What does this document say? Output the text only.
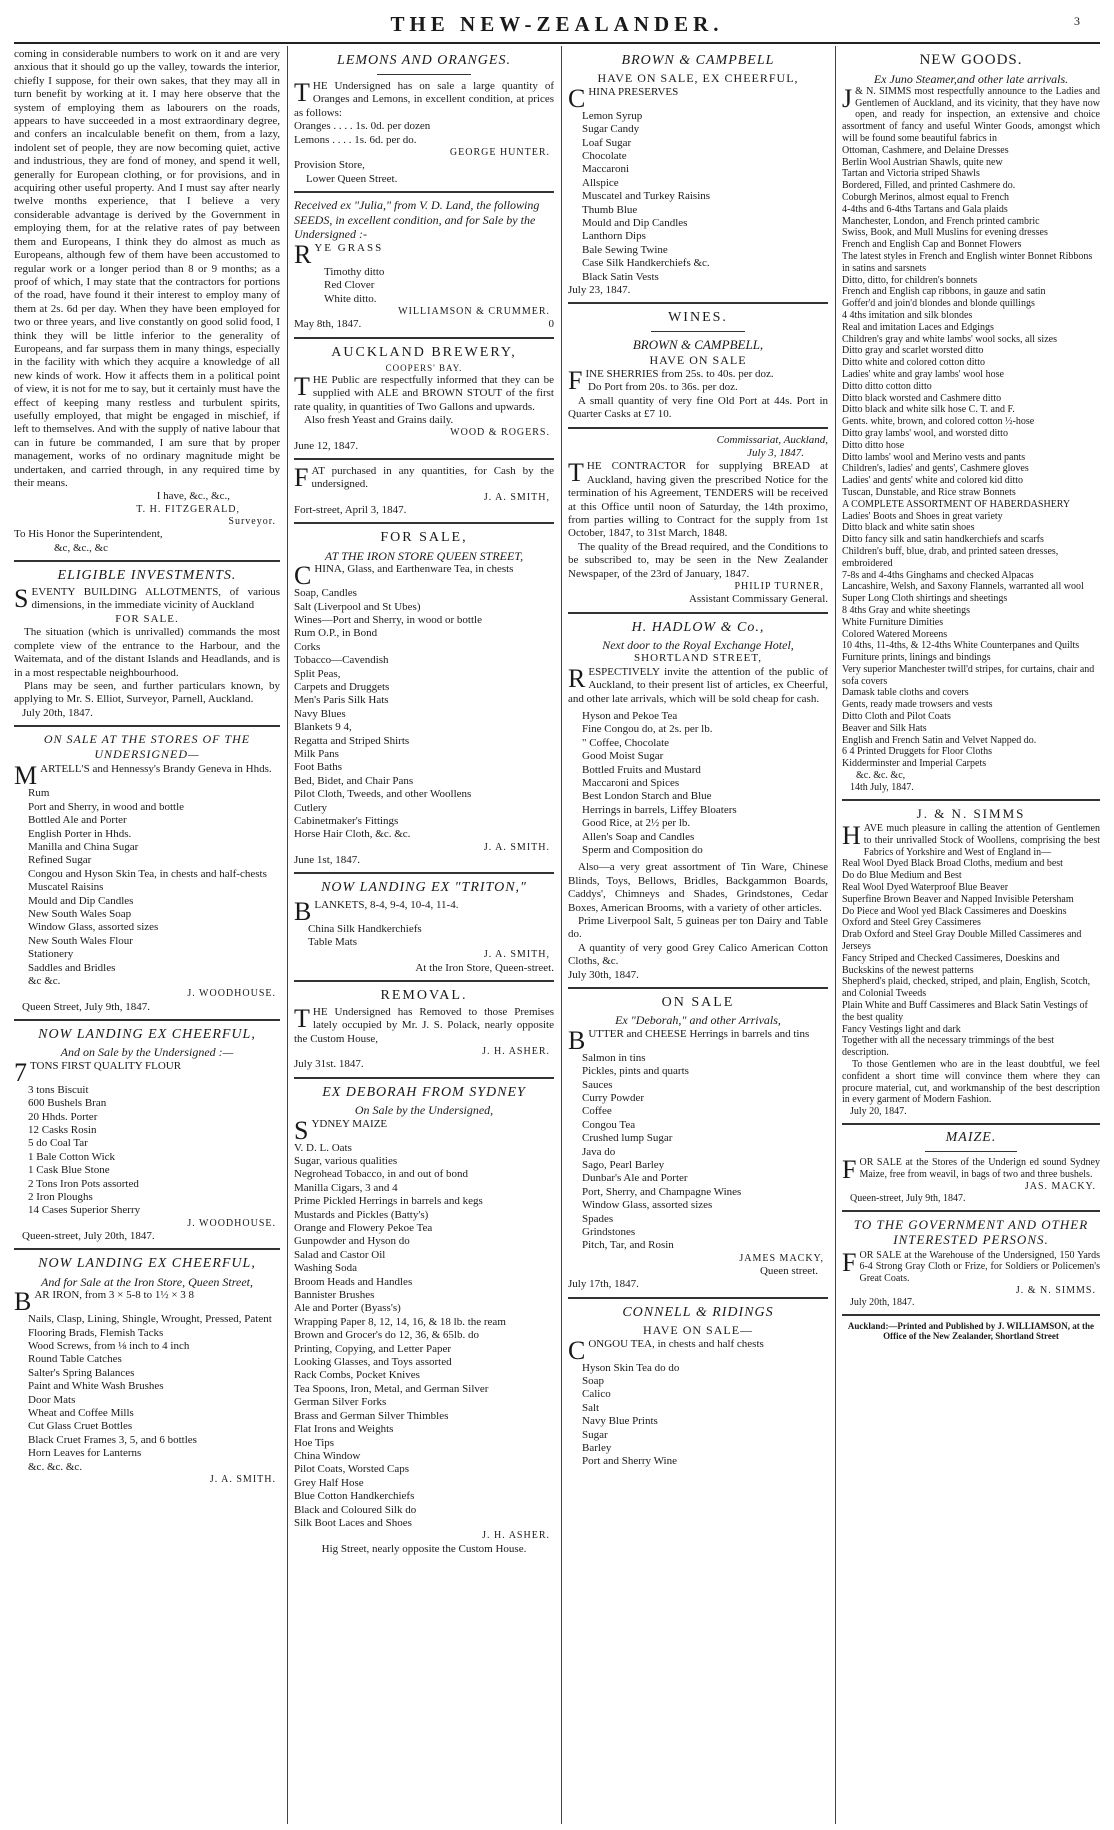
THE NEW-ZEALANDER.	3
coming in considerable numbers to work on it and are very anxious that it should go up the valley, towards the interior, chiefly I suppose, for their own sakes, that they may all in turn benefit by working at it. I may here observe that the system of employing them as labourers on the roads, appears to have succeeded in a most extraordinary degree, and confers an incalculable benefit on them, from a lazy, indolent set of people, they are now becoming quiet, active and industrious, they are fond of money, and spend it well, generally for European clothing, or for provisions, and in acquiring other useful property. And I must say after nearly twelve months experience, that I believe a very considerable advantage is derived by the Government in employing them, for at the relative rates of pay between them and Europeans, I think they do almost as much as Europeans, although few of them have been accustomed to regular work or a longer period than 8 or 9 months; as a proof of which, I may state that the contractors for portions of the road, have found it their interest to employ many of them at 2s. 6d per day. When they have been employed for two or three years, and live constantly on good solid food, I think they will be little inferior to the generality of Europeans, and far surpass them in many things, especially in the facility with which they acquire a knowledge of all new kinds of work. How it affects them in a political point of view, it is not for me to say, but it certainly must have the effect of keeping many restless and turbulent spirits, usefully employed, that might be engaged in mischief, if left to themselves. And with the supply of native labour that can in future be commanded, I am sure that by proper management, works of no ordinary magnitude might be undertaken, and carried through, in any required time by their means.
I have, &c., &c.,
T. H. FITZGERALD,
Surveyor.
To His Honor the Superintendent,
&c, &c., &c
ELIGIBLE INVESTMENTS.
SEVENTY BUILDING ALLOTMENTS, of various dimensions, in the immediate vicinity of Auckland
FOR SALE.
The situation (which is unrivalled) commands the most complete view of the entrance to the Harbour, and the Waitemata, and of the distant Islands and Headlands, and is in a most respectable neighbourhood.
Plans may be seen, and further particulars known, by applying to Mr. S. Elliot, Surveyor, Parnell, Auckland.
July 20th, 1847.
ON SALE AT THE STORES OF THE UNDERSIGNED—
MARTELL'S and Hennessy's Brandy Geneva in Hhds.
Rum
Port and Sherry, in wood and bottle
Bottled Ale and Porter
English Porter in Hhds.
Manilla and China Sugar
Refined Sugar
Congou and Hyson Skin Tea, in chests and half-chests
Muscatel Raisins
Mould and Dip Candles
New South Wales Soap
Window Glass, assorted sizes
New South Wales Flour
Stationery
Saddles and Bridles
&c &c.
J. WOODHOUSE.
Queen Street, July 9th, 1847.
NOW LANDING EX CHEERFUL,
And on Sale by the Undersigned :—
7 TONS FIRST QUALITY FLOUR
3 tons Biscuit
600 Bushels Bran
20 Hhds. Porter
12 Casks Rosin
5 do Coal Tar
1 Bale Cotton Wick
1 Cask Blue Stone
2 Tons Iron Pots assorted
2 Iron Ploughs
14 Cases Superior Sherry
J. WOODHOUSE.
Queen-street, July 20th, 1847.
NOW LANDING EX CHEERFUL,
And for Sale at the Iron Store, Queen Street,
BAR IRON, from 3 × 5-8 to 1½ × 3 8
Nails, Clasp, Lining, Shingle, Wrought, Pressed, Patent
Flooring Brads, Flemish Tacks
Wood Screws, from ⅛ inch to 4 inch
Round Table Catches
Salter's Spring Balances
Paint and White Wash Brushes
Door Mats
Wheat and Coffee Mills
Cut Glass Cruet Bottles
Black Cruet Frames 3, 5, and 6 bottles
Horn Leaves for Lanterns
&c. &c. &c.
J. A. SMITH.
LEMONS AND ORANGES.
THE Undersigned has on sale a large quantity of Oranges and Lemons, in excellent condition, at prices as follows:
Oranges . . . . 1s. 0d. per dozen
Lemons . . . . 1s. 6d. per do.
GEORGE HUNTER.
Provision Store,
Lower Queen Street.
Received ex "Julia," from V. D. Land, the following SEEDS, in excellent condition, and for Sale by the Undersigned :-
RYE GRASS
Timothy ditto
Red Clover
White ditto.
WILLIAMSON & CRUMMER.
May 8th, 1847.	0
AUCKLAND BREWERY,
COOPERS' BAY.
THE Public are respectfully informed that they can be supplied with ALE and BROWN STOUT of the first rate quality, in quantities of Two Gallons and upwards.
Also fresh Yeast and Grains daily.
WOOD & ROGERS.
June 12, 1847.
FAT purchased in any quantities, for Cash by the undersigned.
J. A. SMITH,
Fort-street, April 3, 1847.
FOR SALE,
AT THE IRON STORE QUEEN STREET,
CHINA, Glass, and Earthenware Tea, in chests
Soap, Candles
Salt (Liverpool and St Ubes)
Wines—Port and Sherry, in wood or bottle
Rum O.P., in Bond
Corks
Tobacco—Cavendish
Split Peas,
Carpets and Druggets
Men's Paris Silk Hats
Navy Blues
Blankets 9 4,
Regatta and Striped Shirts
Milk Pans
Foot Baths
Bed, Bidet, and Chair Pans
Pilot Cloth, Tweeds, and other Woollens
Cutlery
Cabinetmaker's Fittings
Horse Hair Cloth, &c. &c.
J. A. SMITH.
June 1st, 1847.
NOW LANDING EX "TRITON,"
BLANKETS, 8-4, 9-4, 10-4, 11-4.
China Silk Handkerchiefs
Table Mats
J. A. SMITH,
At the Iron Store, Queen-street.
REMOVAL.
THE Undersigned has Removed to those Premises lately occupied by Mr. J. S. Polack, nearly opposite the Custom House,
J. H. ASHER.
July 31st. 1847.
EX DEBORAH FROM SYDNEY
On Sale by the Undersigned,
SYDNEY MAIZE
V. D. L. Oats
Sugar, various qualities
Negrohead Tobacco, in and out of bond
Manilla Cigars, 3 and 4
Prime Pickled Herrings in barrels and kegs
Mustards and Pickles (Batty's)
Orange and Flowery Pekoe Tea
Gunpowder and Hyson do
Salad and Castor Oil
Washing Soda
Broom Heads and Handles
Bannister Brushes
Ale and Porter (Byass's)
Wrapping Paper 8, 12, 14, 16, & 18 lb. the ream
Brown and Grocer's do 12, 36, & 65lb. do
Printing, Copying, and Letter Paper
Looking Glasses, and Toys assorted
Rack Combs, Pocket Knives
Tea Spoons, Iron, Metal, and German Silver
German Silver Forks
Brass and German Silver Thimbles
Flat Irons and Weights
Hoe Tips
China Window
Pilot Coats, Worsted Caps
Grey Half Hose
Blue Cotton Handkerchiefs
Black and Coloured Silk do
Silk Boot Laces and Shoes
J. H. ASHER.
Hig Street, nearly opposite the Custom House.
BROWN & CAMPBELL
HAVE ON SALE, EX CHEERFUL,
CHINA PRESERVES
Lemon Syrup
Sugar Candy
Loaf Sugar
Chocolate
Maccaroni
Allspice
Muscatel and Turkey Raisins
Thumb Blue
Mould and Dip Candles
Lanthorn Dips
Bale Sewing Twine
Case Silk Handkerchiefs &c.
Black Satin Vests
July 23, 1847.
WINES.
BROWN & CAMPBELL,
HAVE ON SALE
FINE SHERRIES from 25s. to 40s. per doz.
Do Port from 20s. to 36s. per doz.
A small quantity of very fine Old Port at 44s. Port in Quarter Casks at £7 10.
Commissariat, Auckland,
July 3, 1847.
THE CONTRACTOR for supplying BREAD at Auckland, having given the prescribed Notice for the termination of his Agreement, TENDERS will be received at this Office until noon of Saturday, the 14th proximo, from parties willing to Contract for the supply from 1st October, 1847, to 31st March, 1848.
The quality of the Bread required, and the Conditions to be subscribed to, may be seen in the New Zealander Newspaper, of the 23rd of January, 1847.
PHILIP TURNER,
Assistant Commissary General.
H. HADLOW & Co.,
Next door to the Royal Exchange Hotel,
SHORTLAND STREET,
RESPECTIVELY invite the attention of the public of Auckland, to their present list of articles, ex Cheerful, and other late arrivals, which will be sold cheap for cash.
Hyson and Pekoe Tea
Fine Congou do, at 2s. per lb.
" Coffee, Chocolate
Good Moist Sugar
Bottled Fruits and Mustard
Maccaroni and Spices
Best London Starch and Blue
Herrings in barrels, Liffey Bloaters
Good Rice, at 2½ per lb.
Allen's Soap and Candles
Sperm and Composition do
Also—a very great assortment of Tin Ware, Chinese Blinds, Toys, Bellows, Bridles, Backgammon Boards, Caddys', Chimneys and Shades, Grindstones, Cedar Boxes, American Brooms, with a variety of other articles.
Prime Liverpool Salt, 5 guineas per ton Dairy and Table do.
A quantity of very good Grey Calico American Cotton Cloths, &c.
July 30th, 1847.
ON SALE
Ex "Deborah," and other Arrivals,
BUTTER and CHEESE Herrings in barrels and tins
Salmon in tins
Pickles, pints and quarts
Sauces
Curry Powder
Coffee
Congou Tea
Crushed lump Sugar
Java do
Sago, Pearl Barley
Dunbar's Ale and Porter
Port, Sherry, and Champagne Wines
Window Glass, assorted sizes
Spades
Grindstones
Pitch, Tar, and Rosin
JAMES MACKY,
Queen street.
July 17th, 1847.
CONNELL & RIDINGS
HAVE ON SALE—
CONGOU TEA, in chests and half chests
Hyson Skin Tea do do
Soap
Calico
Salt
Navy Blue Prints
Sugar
Barley
Port and Sherry Wine
NEW GOODS.
Ex Juno Steamer,and other late arrivals.
J & N. SIMMS most respectfully announce to the Ladies and Gentlemen of Auckland, and its vicinity, that they have now open, and ready for inspection, an extensive and choice assortment of fancy and useful Winter Goods, amongst which will be found some beautiful fabrics in
Ottoman, Cashmere, and Delaine Dresses
Berlin Wool Austrian Shawls, quite new
Tartan and Victoria striped Shawls
Bordered, Filled, and printed Cashmere do.
Coburgh Merinos, almost equal to French
4-4ths and 6-4ths Tartans and Gala plaids
Manchester, London, and French printed cambric
Swiss, Book, and Mull Muslins for evening dresses
French and English Cap and Bonnet Flowers
The latest styles in French and English winter Bonnet Ribbons in satins and sarsnets
Ditto, ditto, for children's bonnets
French and English cap ribbons, in gauze and satin
Goffer'd and join'd blondes and blonde quillings
4 4ths imitation and silk blondes
Real and imitation Laces and Edgings
Children's gray and white lambs' wool socks, all sizes
Ditto gray and scarlet worsted ditto
Ditto white and colored cotton ditto
Ladies' white and gray lambs' wool hose
Ditto ditto cotton ditto
Ditto black worsted and Cashmere ditto
Ditto black and white silk hose C. T. and F.
Gents. white, brown, and colored cotton ½-hose
Ditto gray lambs' wool, and worsted ditto
Ditto ditto hose
Ditto lambs' wool and Merino vests and pants
Children's, ladies' and gents', Cashmere gloves
Ladies' and gents' white and colored kid ditto
Tuscan, Dunstable, and Rice straw Bonnets
A COMPLETE ASSORTMENT OF HABERDASHERY
Ladies' Boots and Shoes in great variety
Ditto black and white satin shoes
Ditto fancy silk and satin handkerchiefs and scarfs
Children's buff, blue, drab, and printed sateen dresses, embroidered
7-8s and 4-4ths Ginghams and checked Alpacas
Lancashire, Welsh, and Saxony Flannels, warranted all wool
Super Long Cloth shirtings and sheetings
8 4ths Gray and white sheetings
White Furniture Dimities
Colored Watered Moreens
10 4ths, 11-4ths, & 12-4ths White Counterpanes and Quilts
Furniture prints, linings and bindings
Very superior Manchester twill'd stripes, for curtains, chair and sofa covers
Damask table cloths and covers
Gents, ready made trowsers and vests
Ditto Cloth and Pilot Coats
Beaver and Silk Hats
English and French Satin and Velvet Napped do.
6 4 Printed Druggets for Floor Cloths
Kidderminster and Imperial Carpets
&c. &c. &c,
14th July, 1847.
J. & N. SIMMS
HAVE much pleasure in calling the attention of Gentlemen to their unrivalled Stock of Woollens, comprising the best Fabrics of Yorkshire and West of England in—
Real Wool Dyed Black Broad Cloths, medium and best
Do do Blue Medium and Best
Real Wool Dyed Waterproof Blue Beaver
Superfine Brown Beaver and Napped Invisible Petersham
Do Piece and Wool yed Black Cassimeres and Doeskins
Oxford and Steel Grey Cassimeres
Drab Oxford and Steel Gray Double Milled Cassimeres and Jerseys
Fancy Striped and Checked Cassimeres, Doeskins and Buckskins of the newest patterns
Shepherd's plaid, checked, striped, and plain, English, Scotch, and Colonial Tweeds
Plain White and Buff Cassimeres and Black Satin Vestings of the best quality
Fancy Vestings light and dark
Together with all the necessary trimmings of the best description.
To those Gentlemen who are in the least doubtful, we feel confident a short time will convince them where they can procure material, cut, and workmanship of the best description in every garment of Modern Fashion.
July 20, 1847.
MAIZE.
FOR SALE at the Stores of the Underign ed sound Sydney Maize, free from weavil, in bags of two and three bushels.
JAS. MACKY.
Queen-street, July 9th, 1847.
TO THE GOVERNMENT AND OTHER INTERESTED PERSONS.
FOR SALE at the Warehouse of the Undersigned, 150 Yards 6-4 Strong Gray Cloth or Frize, for Soldiers or Policemen's Great Coats.
J. & N. SIMMS.
July 20th, 1847.
Auckland:—Printed and Published by J. WILLIAMSON, at the Office of the New Zealander, Shortland Street
